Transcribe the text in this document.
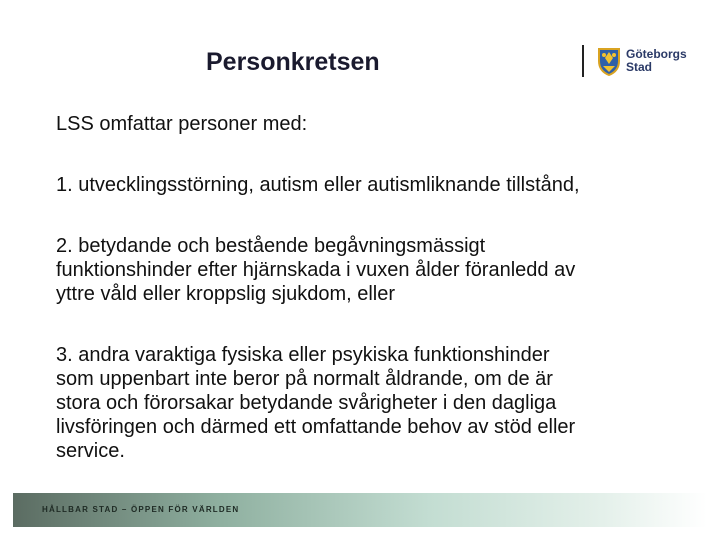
Personkretsen	Göteborgs
Stad

LSS omfattar personer med:

1. utvecklingsstörning, autism eller autismliknande tillstånd,

2. betydande och bestående begåvningsmässigt
funktionshinder efter hjärnskada i vuxen ålder föranledd av
yttre våld eller kroppslig sjukdom, eller

3. andra varaktiga fysiska eller psykiska funktionshinder
som uppenbart inte beror på normalt åldrande, om de är
stora och förorsakar betydande svårigheter i den dagliga
livsföringen och därmed ett omfattande behov av stöd eller
service.

HÅLLBAR STAD – ÖPPEN FÖR VÄRLDEN
